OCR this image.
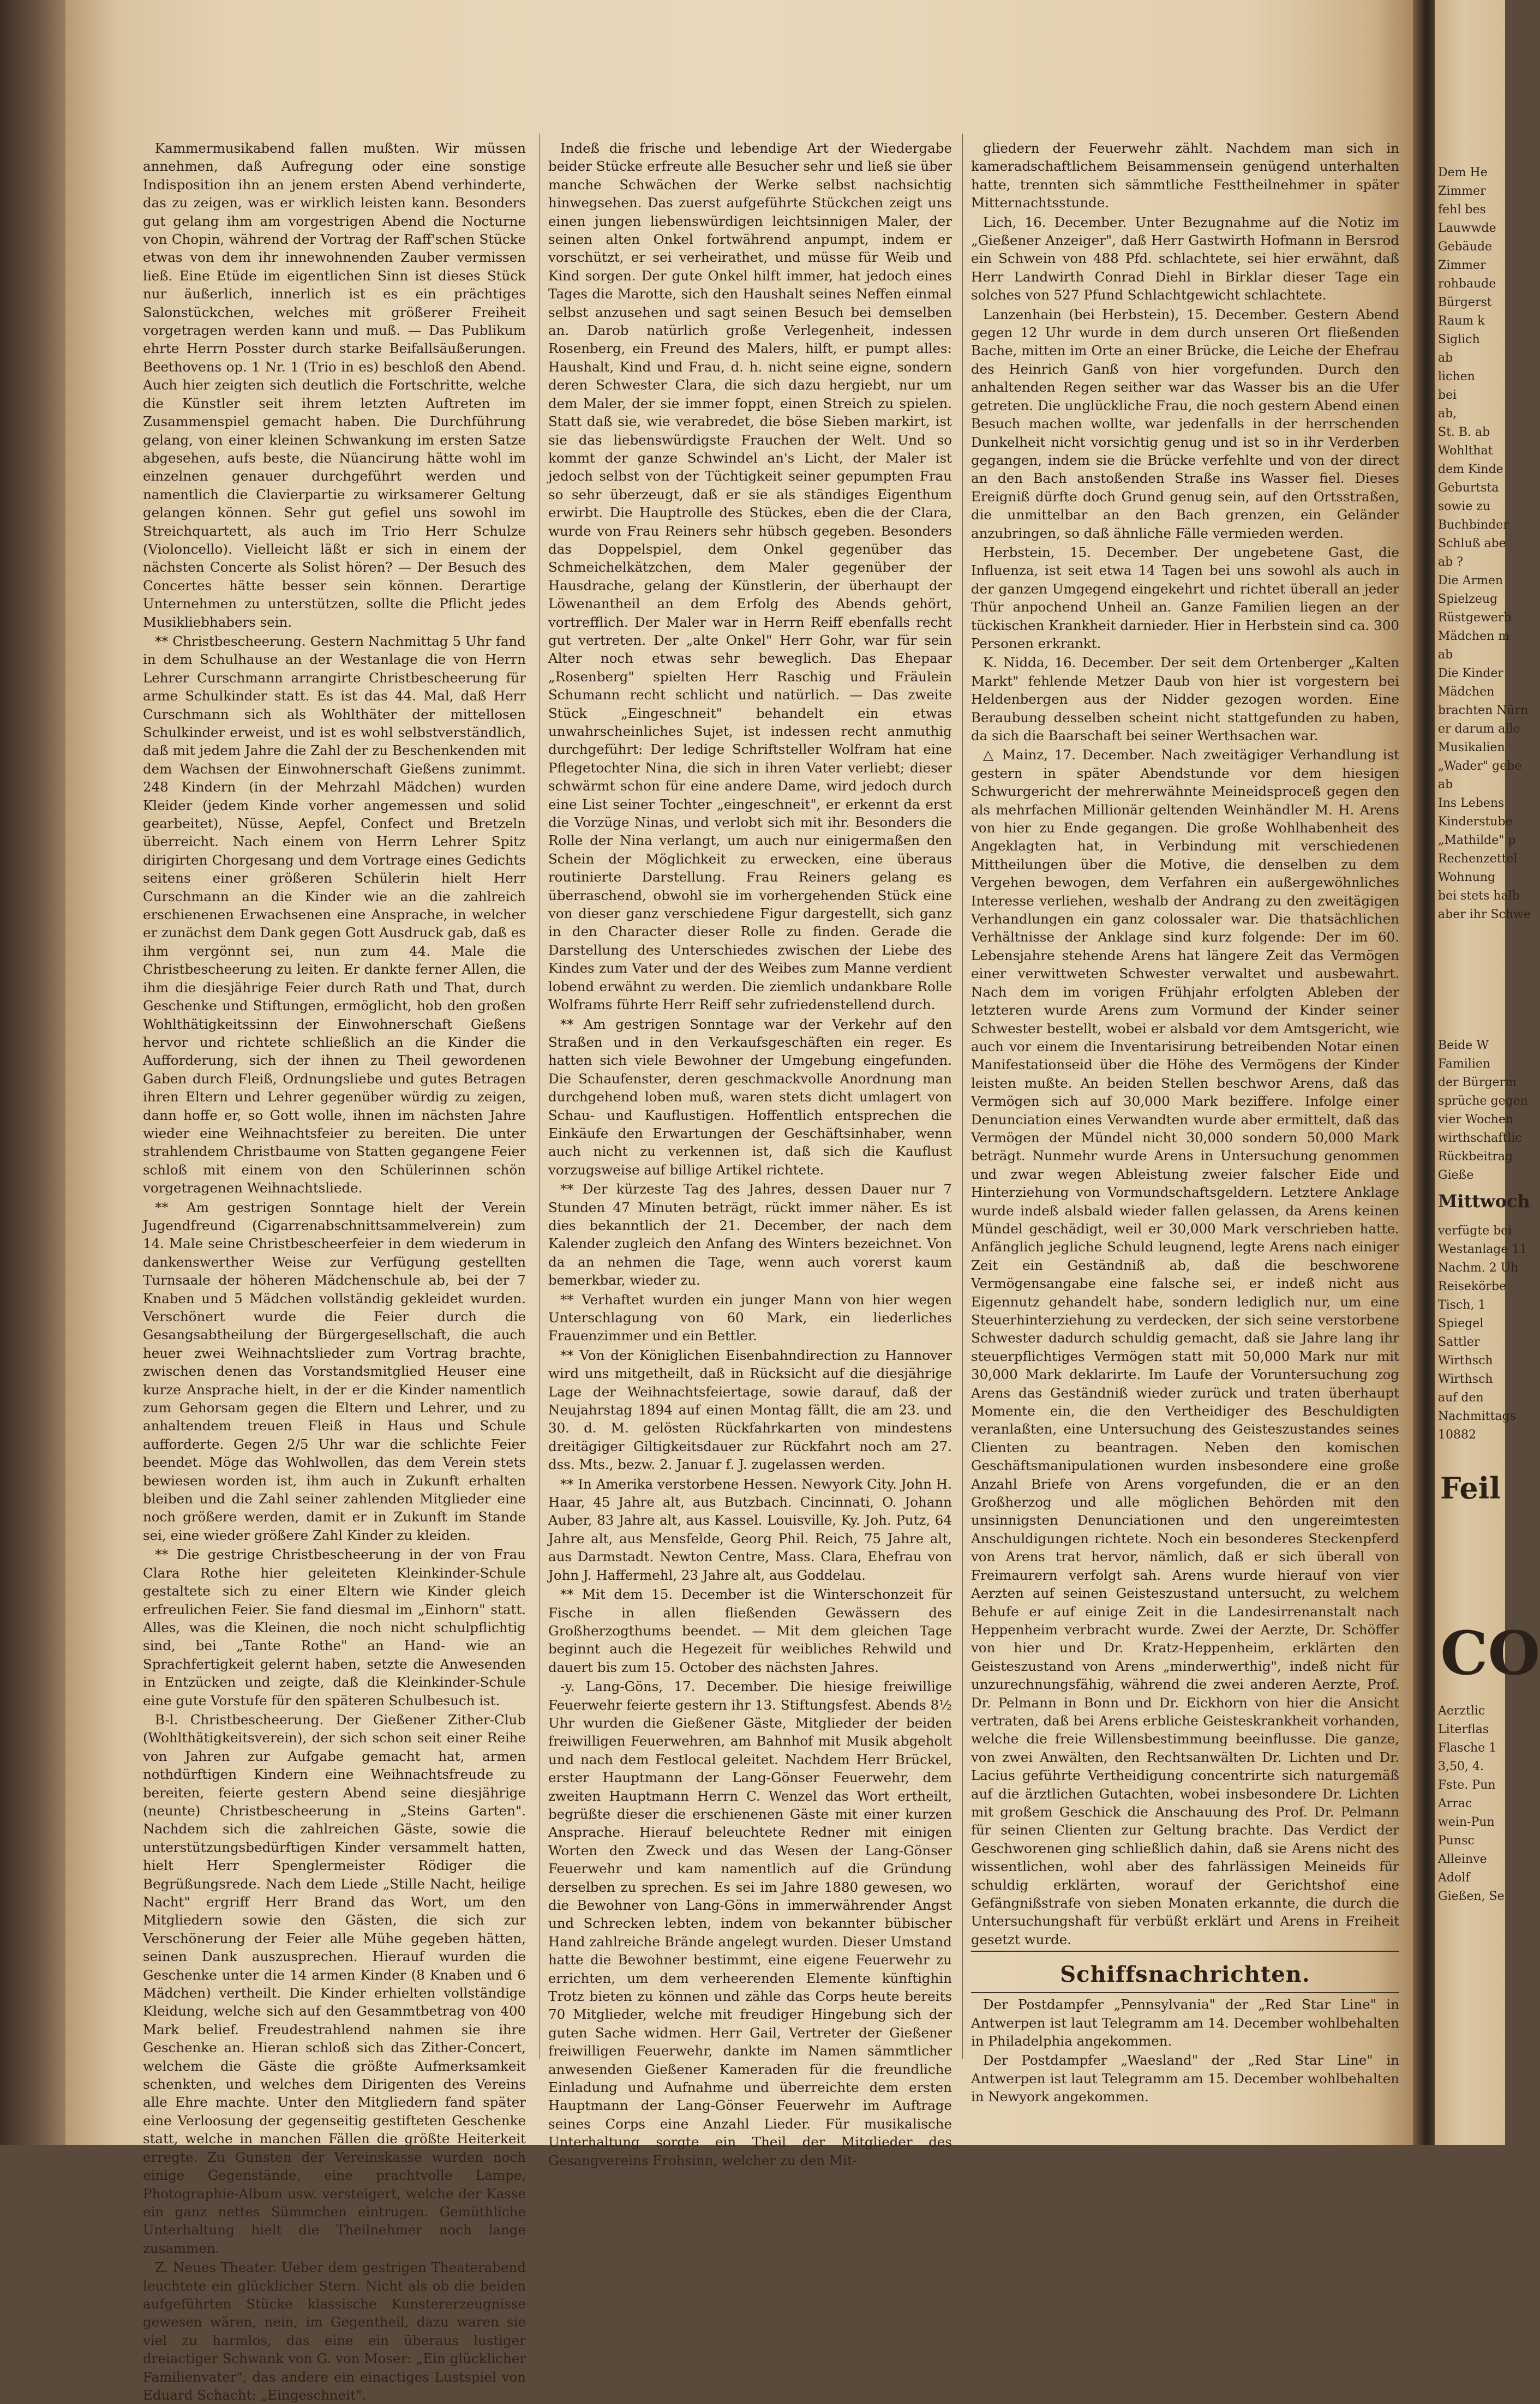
Kammermusikabend fallen mußten. Wir müssen annehmen, daß Aufregung oder eine sonstige Indisposition ihn an jenem ersten Abend verhinderte, das zu zeigen, was er wirklich leisten kann. Besonders gut gelang ihm am vorgestrigen Abend die Nocturne von Chopin, während der Vortrag der Raff'schen Stücke etwas von dem ihr innewohnenden Zauber vermissen ließ. Eine Etüde im eigentlichen Sinn ist dieses Stück nur äußerlich, innerlich ist es ein prächtiges Salonstückchen, welches mit größerer Freiheit vorgetragen werden kann und muß. — Das Publikum ehrte Herrn Posster durch starke Beifallsäußerungen. Beethovens op. 1 Nr. 1 (Trio in es) beschloß den Abend. Auch hier zeigten sich deutlich die Fortschritte, welche die Künstler seit ihrem letzten Auftreten im Zusammenspiel gemacht haben. Die Durchführung gelang, von einer kleinen Schwankung im ersten Satze abgesehen, aufs beste, die Nüancirung hätte wohl im einzelnen genauer durchgeführt werden und namentlich die Clavierpartie zu wirksamerer Geltung gelangen können. Sehr gut gefiel uns sowohl im Streichquartett, als auch im Trio Herr Schulze (Violoncello). Vielleicht läßt er sich in einem der nächsten Concerte als Solist hören? — Der Besuch des Concertes hätte besser sein können. Derartige Unternehmen zu unterstützen, sollte die Pflicht jedes Musikliebhabers sein.

** Christbescheerung. Gestern Nachmittag 5 Uhr fand in dem Schulhause an der Westanlage die von Herrn Lehrer Curschmann arrangirte Christbescheerung für arme Schulkinder statt. Es ist das 44. Mal, daß Herr Curschmann sich als Wohlthäter der mittellosen Schulkinder erweist, und ist es wohl selbstverständlich, daß mit jedem Jahre die Zahl der zu Beschenkenden mit dem Wachsen der Einwohnerschaft Gießens zunimmt. 248 Kindern (in der Mehrzahl Mädchen) wurden Kleider (jedem Kinde vorher angemessen und solid gearbeitet), Nüsse, Aepfel, Confect und Bretzeln überreicht. Nach einem von Herrn Lehrer Spitz dirigirten Chorgesang und dem Vortrage eines Gedichts seitens einer größeren Schülerin hielt Herr Curschmann an die Kinder wie an die zahlreich erschienenen Erwachsenen eine Ansprache, in welcher er zunächst dem Dank gegen Gott Ausdruck gab, daß es ihm vergönnt sei, nun zum 44. Male die Christbescheerung zu leiten. Er dankte ferner Allen, die ihm die diesjährige Feier durch Rath und That, durch Geschenke und Stiftungen, ermöglicht, hob den großen Wohlthätigkeitssinn der Einwohnerschaft Gießens hervor und richtete schließlich an die Kinder die Aufforderung, sich der ihnen zu Theil gewordenen Gaben durch Fleiß, Ordnungsliebe und gutes Betragen ihren Eltern und Lehrer gegenüber würdig zu zeigen, dann hoffe er, so Gott wolle, ihnen im nächsten Jahre wieder eine Weihnachtsfeier zu bereiten. Die unter strahlendem Christbaume von Statten gegangene Feier schloß mit einem von den Schülerinnen schön vorgetragenen Weihnachtsliede.

** Am gestrigen Sonntage hielt der Verein Jugendfreund (Cigarrenabschnittsammelverein) zum 14. Male seine Christbescheerfeier in dem wiederum in dankenswerther Weise zur Verfügung gestellten Turnsaale der höheren Mädchenschule ab, bei der 7 Knaben und 5 Mädchen vollständig gekleidet wurden. Verschönert wurde die Feier durch die Gesangsabtheilung der Bürgergesellschaft, die auch heuer zwei Weihnachtslieder zum Vortrag brachte, zwischen denen das Vorstandsmitglied Heuser eine kurze Ansprache hielt, in der er die Kinder namentlich zum Gehorsam gegen die Eltern und Lehrer, und zu anhaltendem treuen Fleiß in Haus und Schule aufforderte. Gegen 2/5 Uhr war die schlichte Feier beendet. Möge das Wohlwollen, das dem Verein stets bewiesen worden ist, ihm auch in Zukunft erhalten bleiben und die Zahl seiner zahlenden Mitglieder eine noch größere werden, damit er in Zukunft im Stande sei, eine wieder größere Zahl Kinder zu kleiden.

** Die gestrige Christbescheerung in der von Frau Clara Rothe hier geleiteten Kleinkinder-Schule gestaltete sich zu einer Eltern wie Kinder gleich erfreulichen Feier. Sie fand diesmal im „Einhorn" statt. Alles, was die Kleinen, die noch nicht schulpflichtig sind, bei „Tante Rothe" an Hand- wie an Sprachfertigkeit gelernt haben, setzte die Anwesenden in Entzücken und zeigte, daß die Kleinkinder-Schule eine gute Vorstufe für den späteren Schulbesuch ist.

B-l. Christbescheerung. Der Gießener Zither-Club (Wohlthätigkeitsverein), der sich schon seit einer Reihe von Jahren zur Aufgabe gemacht hat, armen nothdürftigen Kindern eine Weihnachtsfreude zu bereiten, feierte gestern Abend seine diesjährige (neunte) Christbescheerung in „Steins Garten". Nachdem sich die zahlreichen Gäste, sowie die unterstützungsbedürftigen Kinder versammelt hatten, hielt Herr Spenglermeister Rödiger die Begrüßungsrede. Nach dem Liede „Stille Nacht, heilige Nacht" ergriff Herr Brand das Wort, um den Mitgliedern sowie den Gästen, die sich zur Verschönerung der Feier alle Mühe gegeben hätten, seinen Dank auszusprechen. Hierauf wurden die Geschenke unter die 14 armen Kinder (8 Knaben und 6 Mädchen) vertheilt. Die Kinder erhielten vollständige Kleidung, welche sich auf den Gesammtbetrag von 400 Mark belief. Freudestrahlend nahmen sie ihre Geschenke an. Hieran schloß sich das Zither-Concert, welchem die Gäste die größte Aufmerksamkeit schenkten, und welches dem Dirigenten des Vereins alle Ehre machte. Unter den Mitgliedern fand später eine Verloosung der gegenseitig gestifteten Geschenke statt, welche in manchen Fällen die größte Heiterkeit erregte. Zu Gunsten der Vereinskasse wurden noch einige Gegenstände, eine prachtvolle Lampe, Photographie-Album usw. versteigert, welche der Kasse ein ganz nettes Sümmchen eintrugen. Gemüthliche Unterhaltung hielt die Theilnehmer noch lange zusammen.

Z. Neues Theater. Ueber dem gestrigen Theaterabend leuchtete ein glücklicher Stern. Nicht als ob die beiden aufgeführten Stücke klassische Kunstererzeugnisse gewesen wären, nein, im Gegentheil, dazu waren sie viel zu harmlos, das eine ein überaus lustiger dreiactiger Schwank von G. von Moser: „Ein glücklicher Familienvater", das andere ein einactiges Lustspiel von Eduard Schacht: „Eingeschneit".

Indeß die frische und lebendige Art der Wiedergabe beider Stücke erfreute alle Besucher sehr und ließ sie über manche Schwächen der Werke selbst nachsichtig hinwegsehen. Das zuerst aufgeführte Stückchen zeigt uns einen jungen liebenswürdigen leichtsinnigen Maler, der seinen alten Onkel fortwährend anpumpt, indem er vorschützt, er sei verheirathet, und müsse für Weib und Kind sorgen. Der gute Onkel hilft immer, hat jedoch eines Tages die Marotte, sich den Haushalt seines Neffen einmal selbst anzusehen und sagt seinen Besuch bei demselben an. Darob natürlich große Verlegenheit, indessen Rosenberg, ein Freund des Malers, hilft, er pumpt alles: Haushalt, Kind und Frau, d. h. nicht seine eigne, sondern deren Schwester Clara, die sich dazu hergiebt, nur um dem Maler, der sie immer foppt, einen Streich zu spielen. Statt daß sie, wie verabredet, die böse Sieben markirt, ist sie das liebenswürdigste Frauchen der Welt. Und so kommt der ganze Schwindel an's Licht, der Maler ist jedoch selbst von der Tüchtigkeit seiner gepumpten Frau so sehr überzeugt, daß er sie als ständiges Eigenthum erwirbt. Die Hauptrolle des Stückes, eben die der Clara, wurde von Frau Reiners sehr hübsch gegeben. Besonders das Doppelspiel, dem Onkel gegenüber das Schmeichelkätzchen, dem Maler gegenüber der Hausdrache, gelang der Künstlerin, der überhaupt der Löwenantheil an dem Erfolg des Abends gehört, vortrefflich. Der Maler war in Herrn Reiff ebenfalls recht gut vertreten. Der „alte Onkel" Herr Gohr, war für sein Alter noch etwas sehr beweglich. Das Ehepaar „Rosenberg" spielten Herr Raschig und Fräulein Schumann recht schlicht und natürlich. — Das zweite Stück „Eingeschneit" behandelt ein etwas unwahrscheinliches Sujet, ist indessen recht anmuthig durchgeführt: Der ledige Schriftsteller Wolfram hat eine Pflegetochter Nina, die sich in ihren Vater verliebt; dieser schwärmt schon für eine andere Dame, wird jedoch durch eine List seiner Tochter „eingeschneit", er erkennt da erst die Vorzüge Ninas, und verlobt sich mit ihr. Besonders die Rolle der Nina verlangt, um auch nur einigermaßen den Schein der Möglichkeit zu erwecken, eine überaus routinierte Darstellung. Frau Reiners gelang es überraschend, obwohl sie im vorhergehenden Stück eine von dieser ganz verschiedene Figur dargestellt, sich ganz in den Character dieser Rolle zu finden. Gerade die Darstellung des Unterschiedes zwischen der Liebe des Kindes zum Vater und der des Weibes zum Manne verdient lobend erwähnt zu werden. Die ziemlich undankbare Rolle Wolframs führte Herr Reiff sehr zufriedenstellend durch.

** Am gestrigen Sonntage war der Verkehr auf den Straßen und in den Verkaufsgeschäften ein reger. Es hatten sich viele Bewohner der Umgebung eingefunden. Die Schaufenster, deren geschmackvolle Anordnung man durchgehend loben muß, waren stets dicht umlagert von Schau- und Kauflustigen. Hoffentlich entsprechen die Einkäufe den Erwartungen der Geschäftsinhaber, wenn auch nicht zu verkennen ist, daß sich die Kauflust vorzugsweise auf billige Artikel richtete.

** Der kürzeste Tag des Jahres, dessen Dauer nur 7 Stunden 47 Minuten beträgt, rückt immer näher. Es ist dies bekanntlich der 21. December, der nach dem Kalender zugleich den Anfang des Winters bezeichnet. Von da an nehmen die Tage, wenn auch vorerst kaum bemerkbar, wieder zu.

** Verhaftet wurden ein junger Mann von hier wegen Unterschlagung von 60 Mark, ein liederliches Frauenzimmer und ein Bettler.

** Von der Königlichen Eisenbahndirection zu Hannover wird uns mitgetheilt, daß in Rücksicht auf die diesjährige Lage der Weihnachtsfeiertage, sowie darauf, daß der Neujahrstag 1894 auf einen Montag fällt, die am 23. und 30. d. M. gelösten Rückfahrkarten von mindestens dreitägiger Giltigkeitsdauer zur Rückfahrt noch am 27. dss. Mts., bezw. 2. Januar f. J. zugelassen werden.

** In Amerika verstorbene Hessen. Newyork City. John H. Haar, 45 Jahre alt, aus Butzbach. Cincinnati, O. Johann Auber, 83 Jahre alt, aus Kassel. Louisville, Ky. Joh. Putz, 64 Jahre alt, aus Mensfelde, Georg Phil. Reich, 75 Jahre alt, aus Darmstadt. Newton Centre, Mass. Clara, Ehefrau von John J. Haffermehl, 23 Jahre alt, aus Goddelau.

** Mit dem 15. December ist die Winterschonzeit für Fische in allen fließenden Gewässern des Großherzogthums beendet. — Mit dem gleichen Tage beginnt auch die Hegezeit für weibliches Rehwild und dauert bis zum 15. October des nächsten Jahres.

-y. Lang-Göns, 17. December. Die hiesige freiwillige Feuerwehr feierte gestern ihr 13. Stiftungsfest. Abends 8½ Uhr wurden die Gießener Gäste, Mitglieder der beiden freiwilligen Feuerwehren, am Bahnhof mit Musik abgeholt und nach dem Festlocal geleitet. Nachdem Herr Brückel, erster Hauptmann der Lang-Gönser Feuerwehr, dem zweiten Hauptmann Herrn C. Wenzel das Wort ertheilt, begrüßte dieser die erschienenen Gäste mit einer kurzen Ansprache. Hierauf beleuchtete Redner mit einigen Worten den Zweck und das Wesen der Lang-Gönser Feuerwehr und kam namentlich auf die Gründung derselben zu sprechen. Es sei im Jahre 1880 gewesen, wo die Bewohner von Lang-Göns in immerwährender Angst und Schrecken lebten, indem von bekannter bübischer Hand zahlreiche Brände angelegt wurden. Dieser Umstand hatte die Bewohner bestimmt, eine eigene Feuerwehr zu errichten, um dem verheerenden Elemente künftighin Trotz bieten zu können und zähle das Corps heute bereits 70 Mitglieder, welche mit freudiger Hingebung sich der guten Sache widmen. Herr Gail, Vertreter der Gießener freiwilligen Feuerwehr, dankte im Namen sämmtlicher anwesenden Gießener Kameraden für die freundliche Einladung und Aufnahme und überreichte dem ersten Hauptmann der Lang-Gönser Feuerwehr im Auftrage seines Corps eine Anzahl Lieder. Für musikalische Unterhaltung sorgte ein Theil der Mitglieder des Gesangvereins Frohsinn, welcher zu den Mit-

gliedern der Feuerwehr zählt. Nachdem man sich in kameradschaftlichem Beisammensein genügend unterhalten hatte, trennten sich sämmtliche Festtheilnehmer in später Mitternachtsstunde.

Lich, 16. December. Unter Bezugnahme auf die Notiz im „Gießener Anzeiger", daß Herr Gastwirth Hofmann in Bersrod ein Schwein von 488 Pfd. schlachtete, sei hier erwähnt, daß Herr Landwirth Conrad Diehl in Birklar dieser Tage ein solches von 527 Pfund Schlachtgewicht schlachtete.

Lanzenhain (bei Herbstein), 15. December. Gestern Abend gegen 12 Uhr wurde in dem durch unseren Ort fließenden Bache, mitten im Orte an einer Brücke, die Leiche der Ehefrau des Heinrich Ganß von hier vorgefunden. Durch den anhaltenden Regen seither war das Wasser bis an die Ufer getreten. Die unglückliche Frau, die noch gestern Abend einen Besuch machen wollte, war jedenfalls in der herrschenden Dunkelheit nicht vorsichtig genug und ist so in ihr Verderben gegangen, indem sie die Brücke verfehlte und von der direct an den Bach anstoßenden Straße ins Wasser fiel. Dieses Ereigniß dürfte doch Grund genug sein, auf den Ortsstraßen, die unmittelbar an den Bach grenzen, ein Geländer anzubringen, so daß ähnliche Fälle vermieden werden.

Herbstein, 15. December. Der ungebetene Gast, die Influenza, ist seit etwa 14 Tagen bei uns sowohl als auch in der ganzen Umgegend eingekehrt und richtet überall an jeder Thür anpochend Unheil an. Ganze Familien liegen an der tückischen Krankheit darnieder. Hier in Herbstein sind ca. 300 Personen erkrankt.

K. Nidda, 16. December. Der seit dem Ortenberger „Kalten Markt" fehlende Metzer Daub von hier ist vorgestern bei Heldenbergen aus der Nidder gezogen worden. Eine Beraubung desselben scheint nicht stattgefunden zu haben, da sich die Baarschaft bei seiner Werthsachen war.

△ Mainz, 17. December. Nach zweitägiger Verhandlung ist gestern in später Abendstunde vor dem hiesigen Schwurgericht der mehrerwähnte Meineidsproceß gegen den als mehrfachen Millionär geltenden Weinhändler M. H. Arens von hier zu Ende gegangen. Die große Wohlhabenheit des Angeklagten hat, in Verbindung mit verschiedenen Mittheilungen über die Motive, die denselben zu dem Vergehen bewogen, dem Verfahren ein außergewöhnliches Interesse verliehen, weshalb der Andrang zu den zweitägigen Verhandlungen ein ganz colossaler war. Die thatsächlichen Verhältnisse der Anklage sind kurz folgende: Der im 60. Lebensjahre stehende Arens hat längere Zeit das Vermögen einer verwittweten Schwester verwaltet und ausbewahrt. Nach dem im vorigen Frühjahr erfolgten Ableben der letzteren wurde Arens zum Vormund der Kinder seiner Schwester bestellt, wobei er alsbald vor dem Amtsgericht, wie auch vor einem die Inventarisirung betreibenden Notar einen Manifestationseid über die Höhe des Vermögens der Kinder leisten mußte. An beiden Stellen beschwor Arens, daß das Vermögen sich auf 30,000 Mark beziffere. Infolge einer Denunciation eines Verwandten wurde aber ermittelt, daß das Vermögen der Mündel nicht 30,000 sondern 50,000 Mark beträgt. Nunmehr wurde Arens in Untersuchung genommen und zwar wegen Ableistung zweier falscher Eide und Hinterziehung von Vormundschaftsgeldern. Letztere Anklage wurde indeß alsbald wieder fallen gelassen, da Arens keinen Mündel geschädigt, weil er 30,000 Mark verschrieben hatte. Anfänglich jegliche Schuld leugnend, legte Arens nach einiger Zeit ein Geständniß ab, daß die beschworene Vermögensangabe eine falsche sei, er indeß nicht aus Eigennutz gehandelt habe, sondern lediglich nur, um eine Steuerhinterziehung zu verdecken, der sich seine verstorbene Schwester dadurch schuldig gemacht, daß sie Jahre lang ihr steuerpflichtiges Vermögen statt mit 50,000 Mark nur mit 30,000 Mark deklarirte. Im Laufe der Voruntersuchung zog Arens das Geständniß wieder zurück und traten überhaupt Momente ein, die den Vertheidiger des Beschuldigten veranlaßten, eine Untersuchung des Geisteszustandes seines Clienten zu beantragen. Neben den komischen Geschäftsmanipulationen wurden insbesondere eine große Anzahl Briefe von Arens vorgefunden, die er an den Großherzog und alle möglichen Behörden mit den unsinnigsten Denunciationen und den ungereimtesten Anschuldigungen richtete. Noch ein besonderes Steckenpferd von Arens trat hervor, nämlich, daß er sich überall von Freimaurern verfolgt sah. Arens wurde hierauf von vier Aerzten auf seinen Geisteszustand untersucht, zu welchem Behufe er auf einige Zeit in die Landesirrenanstalt nach Heppenheim verbracht wurde. Zwei der Aerzte, Dr. Schöffer von hier und Dr. Kratz-Heppenheim, erklärten den Geisteszustand von Arens „minderwerthig", indeß nicht für unzurechnungsfähig, während die zwei anderen Aerzte, Prof. Dr. Pelmann in Bonn und Dr. Eickhorn von hier die Ansicht vertraten, daß bei Arens erbliche Geisteskrankheit vorhanden, welche die freie Willensbestimmung beeinflusse. Die ganze, von zwei Anwälten, den Rechtsanwälten Dr. Lichten und Dr. Lacius geführte Vertheidigung concentrirte sich naturgemäß auf die ärztlichen Gutachten, wobei insbesondere Dr. Lichten mit großem Geschick die Anschauung des Prof. Dr. Pelmann für seinen Clienten zur Geltung brachte. Das Verdict der Geschworenen ging schließlich dahin, daß sie Arens nicht des wissentlichen, wohl aber des fahrlässigen Meineids für schuldig erklärten, worauf der Gerichtshof eine Gefängnißstrafe von sieben Monaten erkannte, die durch die Untersuchungshaft für verbüßt erklärt und Arens in Freiheit gesetzt wurde.

Schiffsnachrichten.

Der Postdampfer „Pennsylvania" der „Red Star Line" in Antwerpen ist laut Telegramm am 14. December wohlbehalten in Philadelphia angekommen.

Der Postdampfer „Waesland" der „Red Star Line" in Antwerpen ist laut Telegramm am 15. December wohlbehalten in Newyork angekommen.

Dem He
Zimmer
fehl bes
Lauwwde
Gebäude
Zimmer
rohbaude
Bürgerst
Raum k
Siglich
ab
lichen
bei
ab,
St. B. ab
Wohlthat
dem Kinde
Geburtsta
sowie zu
Buchbinder
Schluß abe
ab ?
Die Armen
Spielzeug
Rüstgewerb
Mädchen m
ab
Die Kinder
Mädchen
brachten Nürn
er darum alle
Musikalien
„Wader" gebe
ab
Ins Lebens
Kinderstube
„Mathilde" p
Rechenzettel
Wohnung
bei stets halb
aber ihr Schwe
Beide W
Familien
der Bürgerm
sprüche gegen
vier Wochen
wirthschaftlic
Rückbeitrag
Gieße
Mittwoch
verfügte bei
Westanlage 11
Nachm. 2 Uh
Reisekörbe
Tisch, 1
Spiegel
Sattler
Wirthsch
Wirthsch
auf den
Nachmittags
10882
Feil
CO
Aerztlic
Literflas
Flasche 1
3,50, 4.
Fste. Pun
Arrac
wein-Pun
Punsc
Alleinve
Adolf
Gießen, Se
